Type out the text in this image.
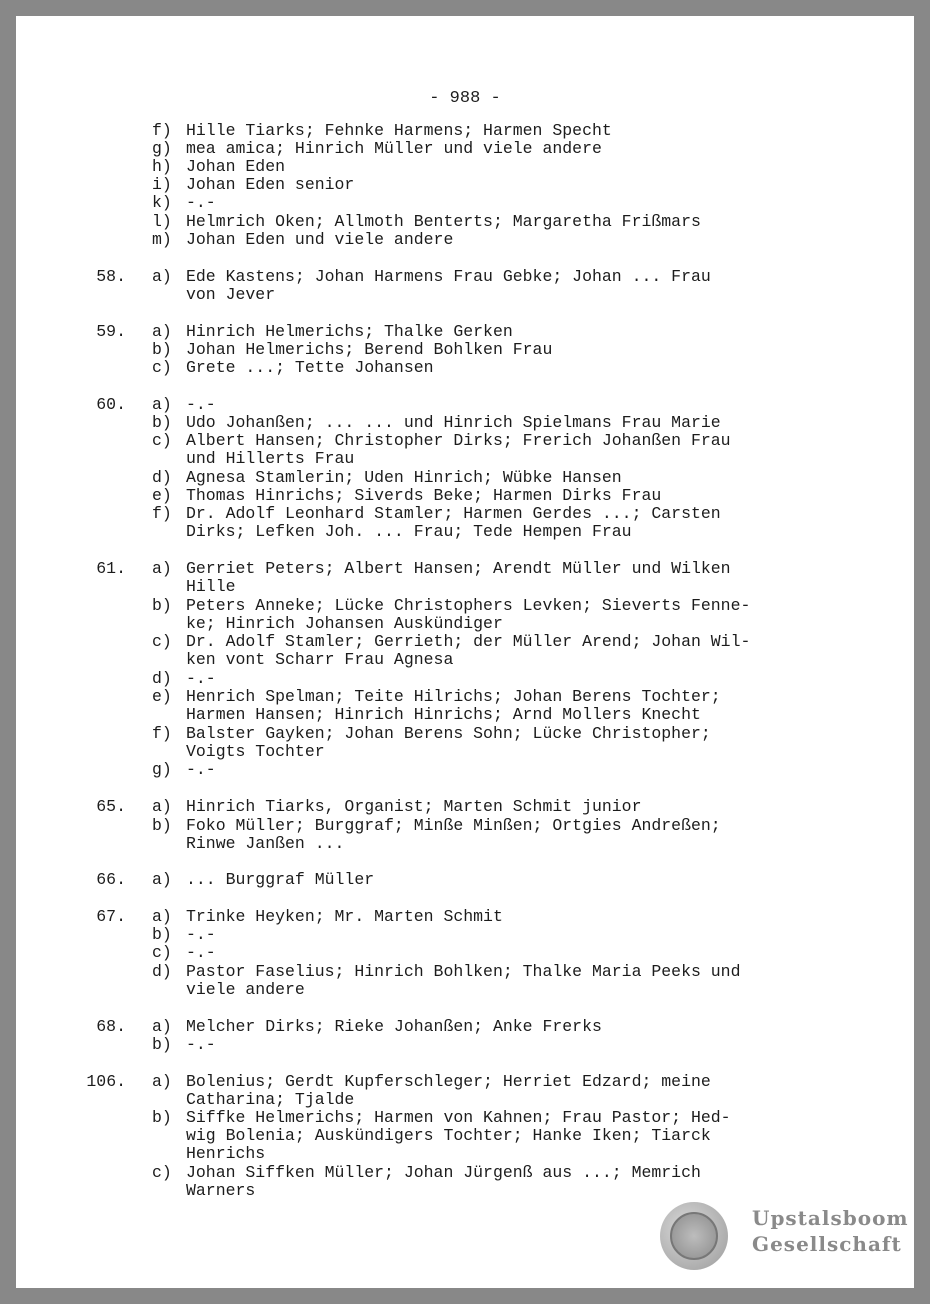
- 988 -
f) Hille Tiarks; Fehnke Harmens; Harmen Specht
g) mea amica; Hinrich Müller und viele andere
h) Johan Eden
i) Johan Eden senior
k) -.-
l) Helmrich Oken; Allmoth Benterts; Margaretha Frißmars
m) Johan Eden und viele andere
58. a) Ede Kastens; Johan Harmens Frau Gebke; Johan ... Frau
von Jever
59. a) Hinrich Helmerichs; Thalke Gerken
b) Johan Helmerichs; Berend Bohlken Frau
c) Grete ...; Tette Johansen
60. a) -.-
b) Udo Johanßen; ... ... und Hinrich Spielmans Frau Marie
c) Albert Hansen; Christopher Dirks; Frerich Johanßen Frau
und Hillerts Frau
d) Agnesa Stamlerin; Uden Hinrich; Wübke Hansen
e) Thomas Hinrichs; Siverds Beke; Harmen Dirks Frau
f) Dr. Adolf Leonhard Stamler; Harmen Gerdes ...; Carsten
Dirks; Lefken Joh. ... Frau; Tede Hempen Frau
61. a) Gerriet Peters; Albert Hansen; Arendt Müller und Wilken
Hille
b) Peters Anneke; Lücke Christophers Levken; Sieverts Fenne-
ke; Hinrich Johansen Auskündiger
c) Dr. Adolf Stamler; Gerrieth; der Müller Arend; Johan Wil-
ken vont Scharr Frau Agnesa
d) -.-
e) Henrich Spelman; Teite Hilrichs; Johan Berens Tochter;
Harmen Hansen; Hinrich Hinrichs; Arnd Mollers Knecht
f) Balster Gayken; Johan Berens Sohn; Lücke Christopher;
Voigts Tochter
g) -.-
65. a) Hinrich Tiarks, Organist; Marten Schmit junior
b) Foko Müller; Burggraf; Minße Minßen; Ortgies Andreßen;
Rinwe Janßen ...
66. a) ... Burggraf Müller
67. a) Trinke Heyken; Mr. Marten Schmit
b) -.-
c) -.-
d) Pastor Faselius; Hinrich Bohlken; Thalke Maria Peeks und
viele andere
68. a) Melcher Dirks; Rieke Johanßen; Anke Frerks
b) -.-
106. a) Bolenius; Gerdt Kupferschleger; Herriet Edzard; meine
Catharina; Tjalde
b) Siffke Helmerichs; Harmen von Kahnen; Frau Pastor; Hed-
wig Bolenia; Auskündigers Tochter; Hanke Iken; Tiarck
Henrichs
c) Johan Siffken Müller; Johan Jürgenß aus ...; Memrich
Warners
Upstalsboom
Gesellschaft
